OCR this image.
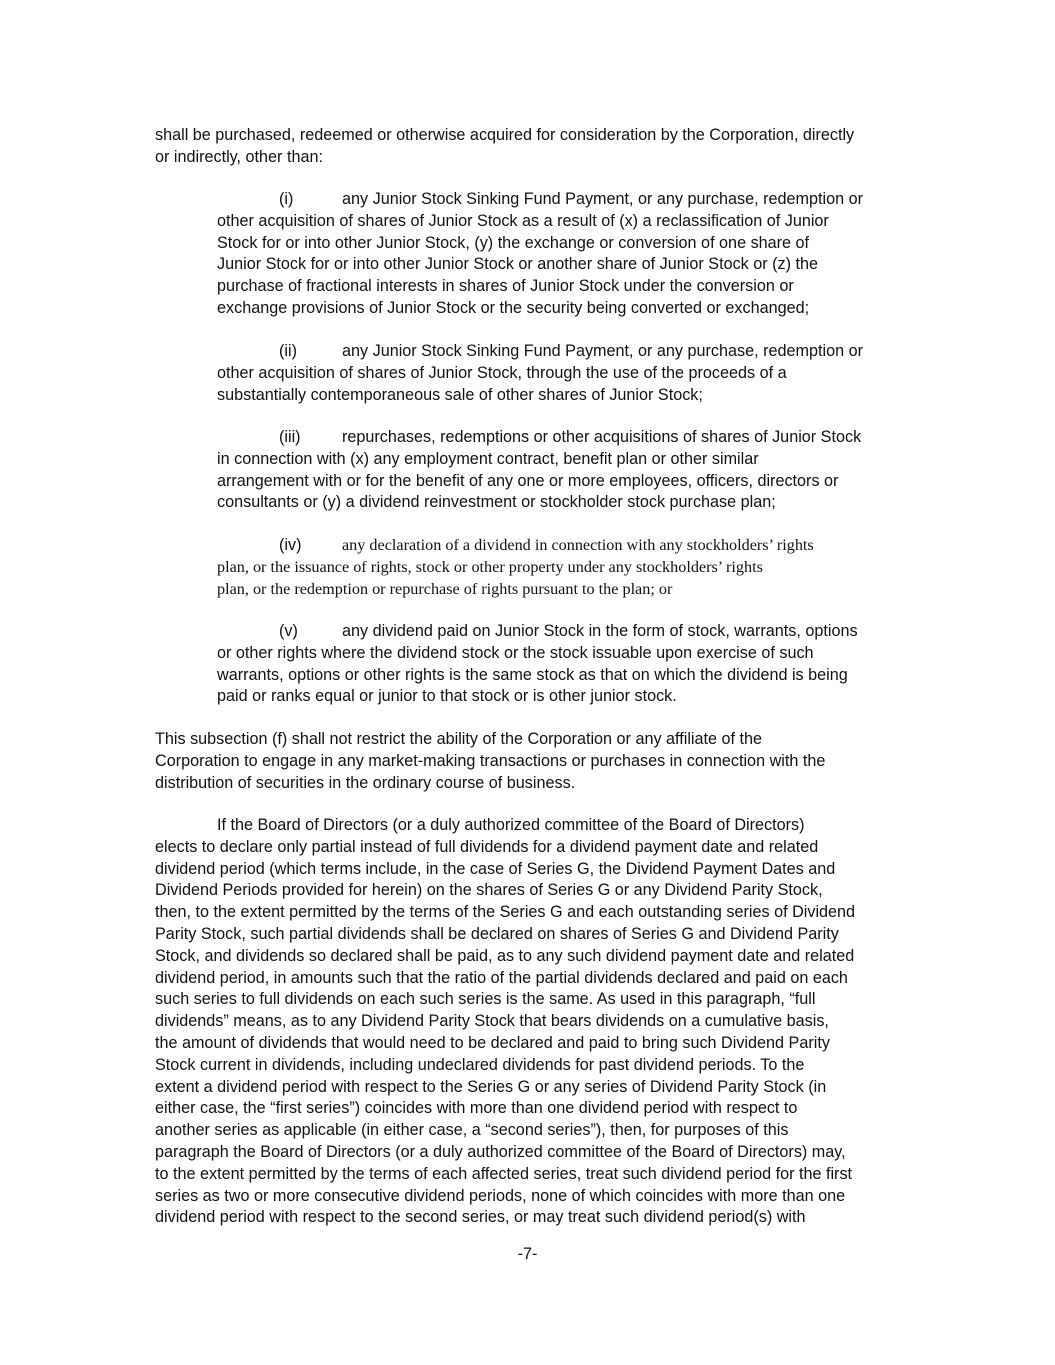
shall be purchased, redeemed or otherwise acquired for consideration by the Corporation, directly
or indirectly, other than:
(i)	any Junior Stock Sinking Fund Payment, or any purchase, redemption or
other acquisition of shares of Junior Stock as a result of (x) a reclassification of Junior
Stock for or into other Junior Stock, (y) the exchange or conversion of one share of
Junior Stock for or into other Junior Stock or another share of Junior Stock or (z) the
purchase of fractional interests in shares of Junior Stock under the conversion or
exchange provisions of Junior Stock or the security being converted or exchanged;
(ii)	any Junior Stock Sinking Fund Payment, or any purchase, redemption or
other acquisition of shares of Junior Stock, through the use of the proceeds of a
substantially contemporaneous sale of other shares of Junior Stock;
(iii)	repurchases, redemptions or other acquisitions of shares of Junior Stock
in connection with (x) any employment contract, benefit plan or other similar
arrangement with or for the benefit of any one or more employees, officers, directors or
consultants or (y) a dividend reinvestment or stockholder stock purchase plan;
(iv)	any declaration of a dividend in connection with any stockholders’ rights
plan, or the issuance of rights, stock or other property under any stockholders’ rights
plan, or the redemption or repurchase of rights pursuant to the plan; or
(v)	any dividend paid on Junior Stock in the form of stock, warrants, options
or other rights where the dividend stock or the stock issuable upon exercise of such
warrants, options or other rights is the same stock as that on which the dividend is being
paid or ranks equal or junior to that stock or is other junior stock.
This subsection (f) shall not restrict the ability of the Corporation or any affiliate of the
Corporation to engage in any market-making transactions or purchases in connection with the
distribution of securities in the ordinary course of business.
If the Board of Directors (or a duly authorized committee of the Board of Directors)
elects to declare only partial instead of full dividends for a dividend payment date and related
dividend period (which terms include, in the case of Series G, the Dividend Payment Dates and
Dividend Periods provided for herein) on the shares of Series G or any Dividend Parity Stock,
then, to the extent permitted by the terms of the Series G and each outstanding series of Dividend
Parity Stock, such partial dividends shall be declared on shares of Series G and Dividend Parity
Stock, and dividends so declared shall be paid, as to any such dividend payment date and related
dividend period, in amounts such that the ratio of the partial dividends declared and paid on each
such series to full dividends on each such series is the same. As used in this paragraph, “full
dividends” means, as to any Dividend Parity Stock that bears dividends on a cumulative basis,
the amount of dividends that would need to be declared and paid to bring such Dividend Parity
Stock current in dividends, including undeclared dividends for past dividend periods. To the
extent a dividend period with respect to the Series G or any series of Dividend Parity Stock (in
either case, the “first series”) coincides with more than one dividend period with respect to
another series as applicable (in either case, a “second series”), then, for purposes of this
paragraph the Board of Directors (or a duly authorized committee of the Board of Directors) may,
to the extent permitted by the terms of each affected series, treat such dividend period for the first
series as two or more consecutive dividend periods, none of which coincides with more than one
dividend period with respect to the second series, or may treat such dividend period(s) with
-7-
